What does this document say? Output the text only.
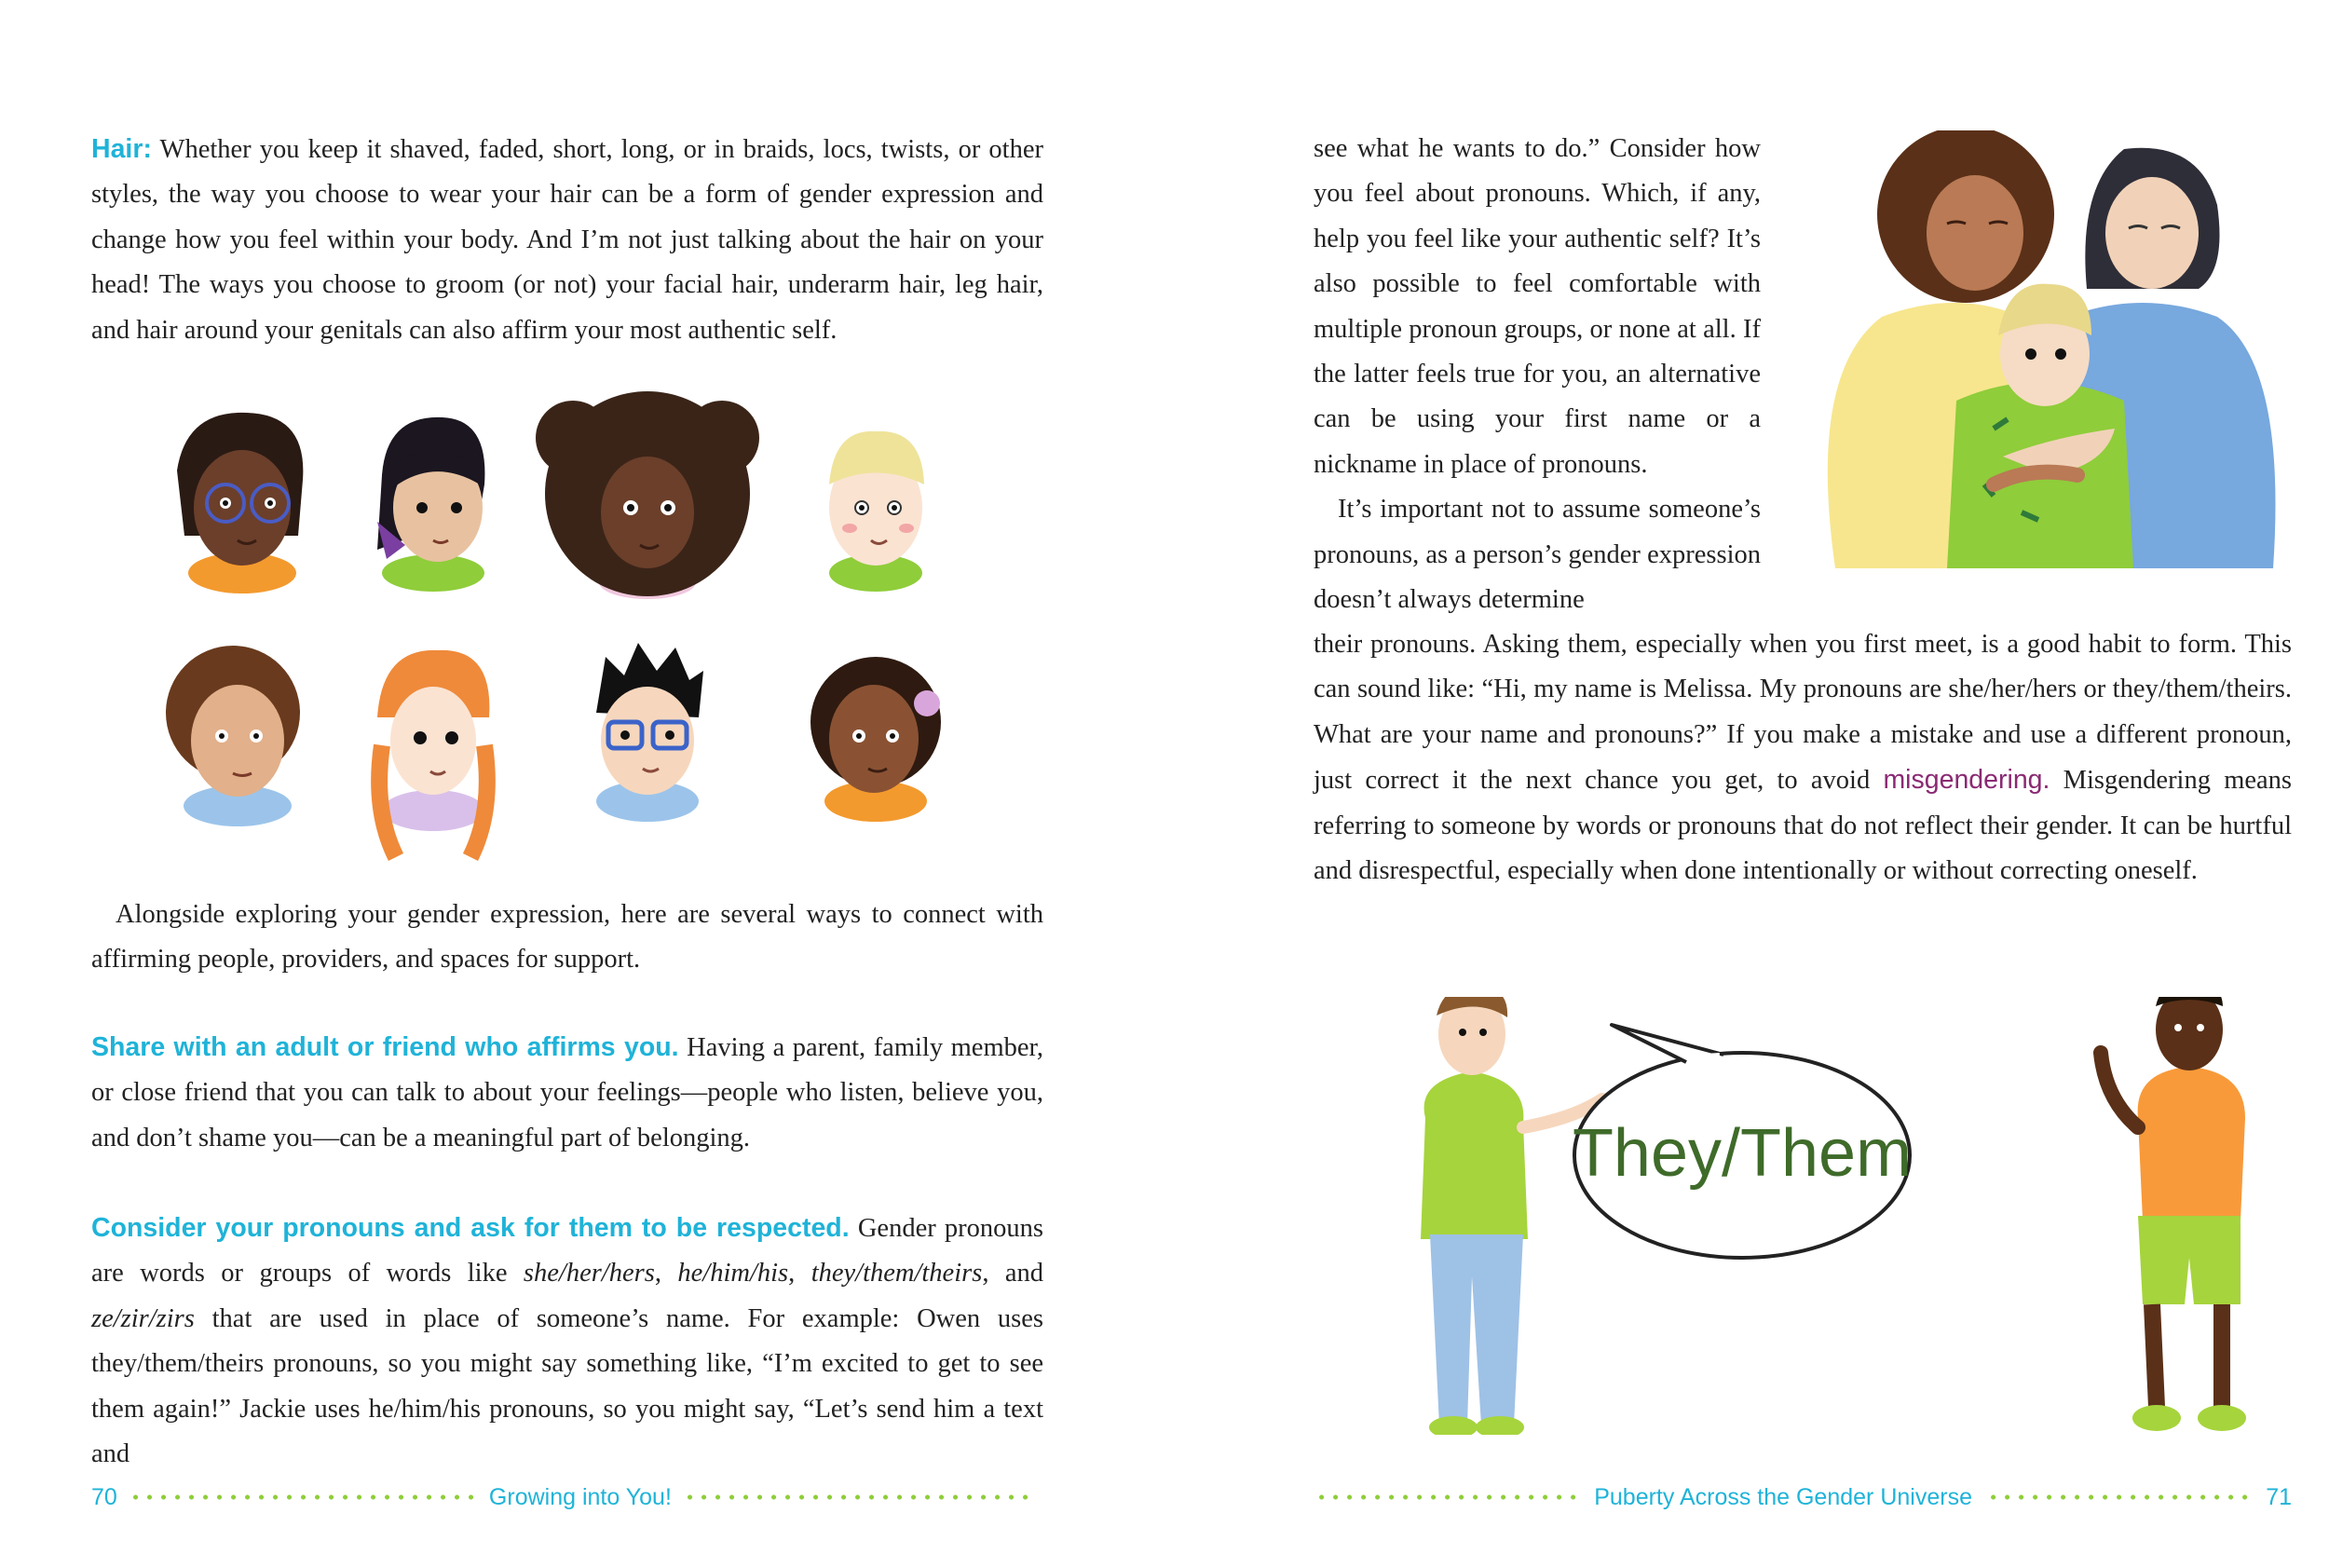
Hair: Whether you keep it shaved, faded, short, long, or in braids, locs, twists, or other styles, the way you choose to wear your hair can be a form of gender expression and change how you feel within your body. And I’m not just talking about the hair on your head! The ways you choose to groom (or not) your facial hair, underarm hair, leg hair, and hair around your genitals can also affirm your most authentic self.

Alongside exploring your gender expression, here are several ways to connect with affirming people, providers, and spaces for support.

Share with an adult or friend who affirms you. Having a parent, family member, or close friend that you can talk to about your feelings—people who listen, believe you, and don’t shame you—can be a meaningful part of belonging.

Consider your pronouns and ask for them to be respected. Gender pronouns are words or groups of words like she/her/hers, he/him/his, they/them/theirs, and ze/zir/zirs that are used in place of someone’s name. For example: Owen uses they/them/theirs pronouns, so you might say something like, “I’m excited to get to see them again!” Jackie uses he/him/his pronouns, so you might say, “Let’s send him a text and

70	Growing into You!

see what he wants to do.” Consider how you feel about pronouns. Which, if any, help you feel like your authentic self? It’s also possible to feel comfortable with multiple pronoun groups, or none at all. If the latter feels true for you, an alternative can be using your first name or a nickname in place of pronouns.

It’s important not to assume someone’s pronouns, as a person’s gender expression doesn’t always determine

their pronouns. Asking them, especially when you first meet, is a good habit to form. This can sound like: “Hi, my name is Melissa. My pronouns are she/her/hers or they/them/theirs. What are your name and pronouns?” If you make a mistake and use a different pronoun, just correct it the next chance you get, to avoid misgendering. Misgendering means referring to someone by words or pronouns that do not reflect their gender. It can be hurtful and disrespectful, especially when done intentionally or without correcting oneself.

They/Them
Puberty Across the Gender Universe	71
